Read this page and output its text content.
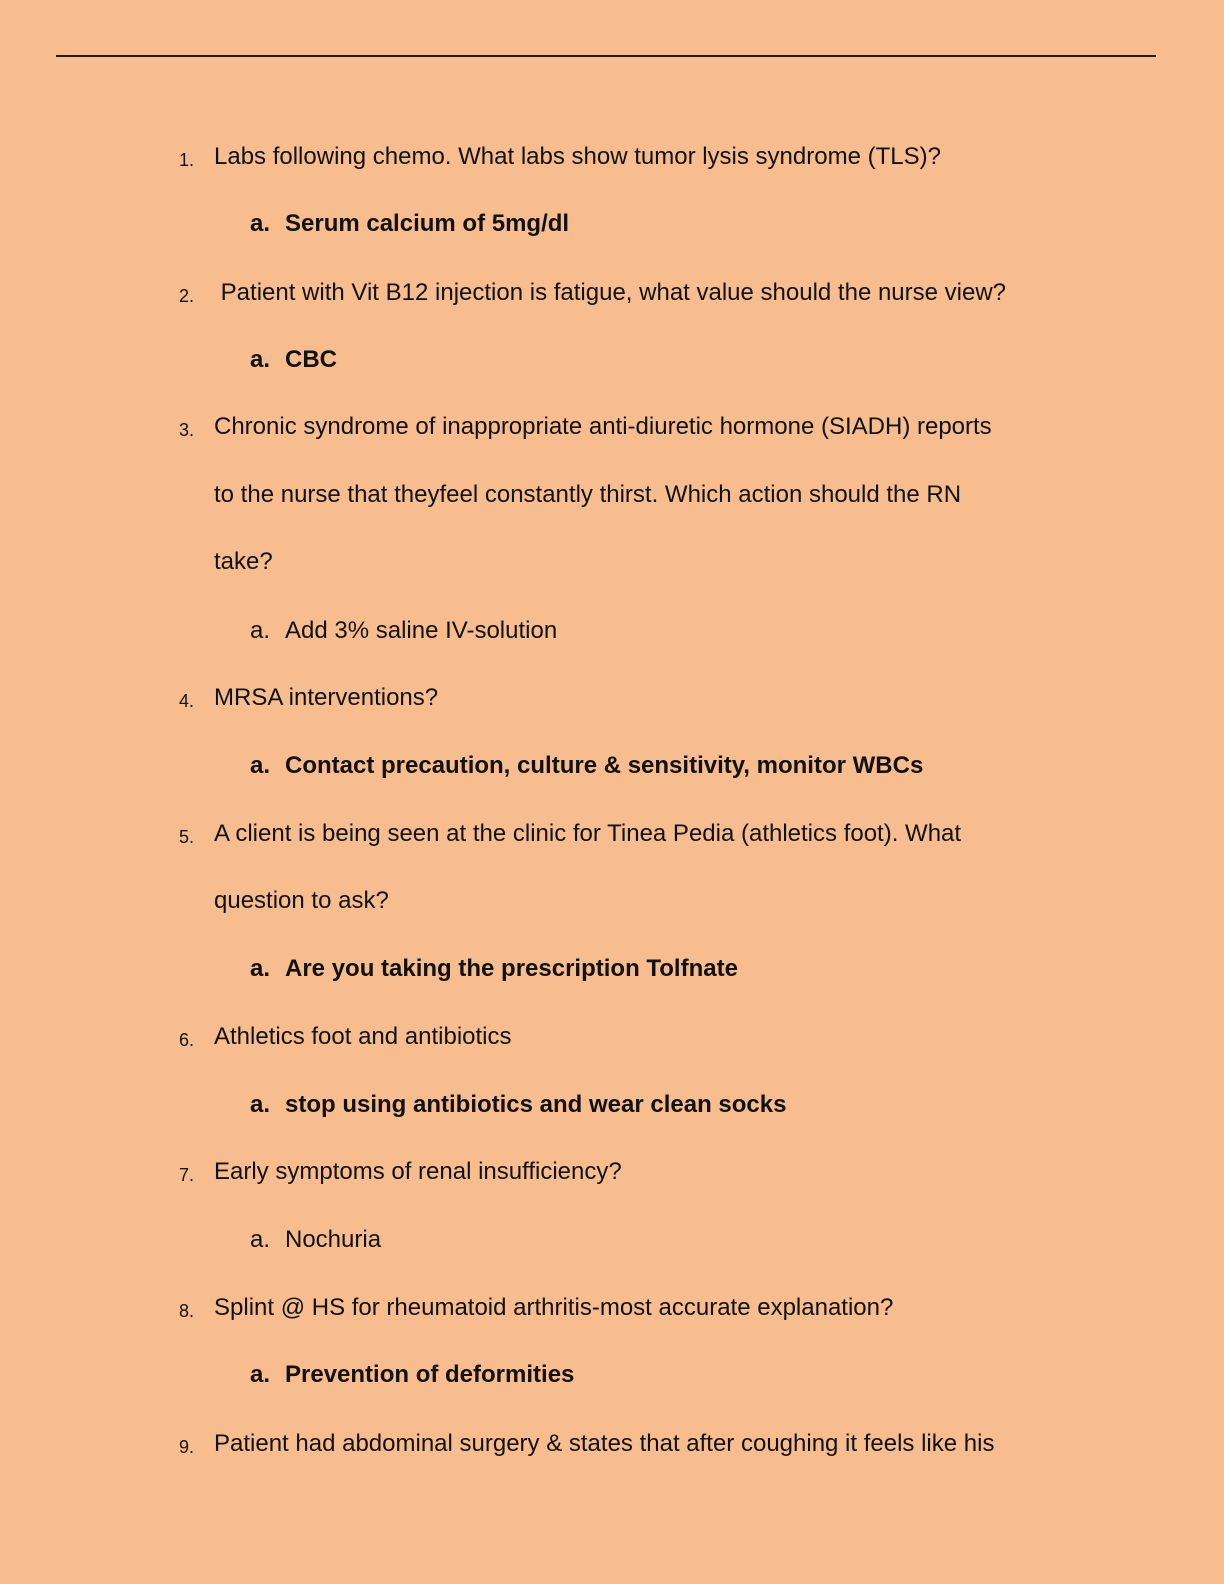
1. Labs following chemo. What labs show tumor lysis syndrome (TLS)?
a. Serum calcium of 5mg/dl
2. Patient with Vit B12 injection is fatigue, what value should the nurse view?
a. CBC
3. Chronic syndrome of inappropriate anti-diuretic hormone (SIADH) reports
to the nurse that theyfeel constantly thirst. Which action should the RN
take?
a. Add 3% saline IV-solution
4. MRSA interventions?
a. Contact precaution, culture & sensitivity, monitor WBCs
5. A client is being seen at the clinic for Tinea Pedia (athletics foot). What
question to ask?
a. Are you taking the prescription Tolfnate
6. Athletics foot and antibiotics
a. stop using antibiotics and wear clean socks
7. Early symptoms of renal insufficiency?
a. Nochuria
8. Splint @ HS for rheumatoid arthritis-most accurate explanation?
a. Prevention of deformities
9. Patient had abdominal surgery & states that after coughing it feels like his
